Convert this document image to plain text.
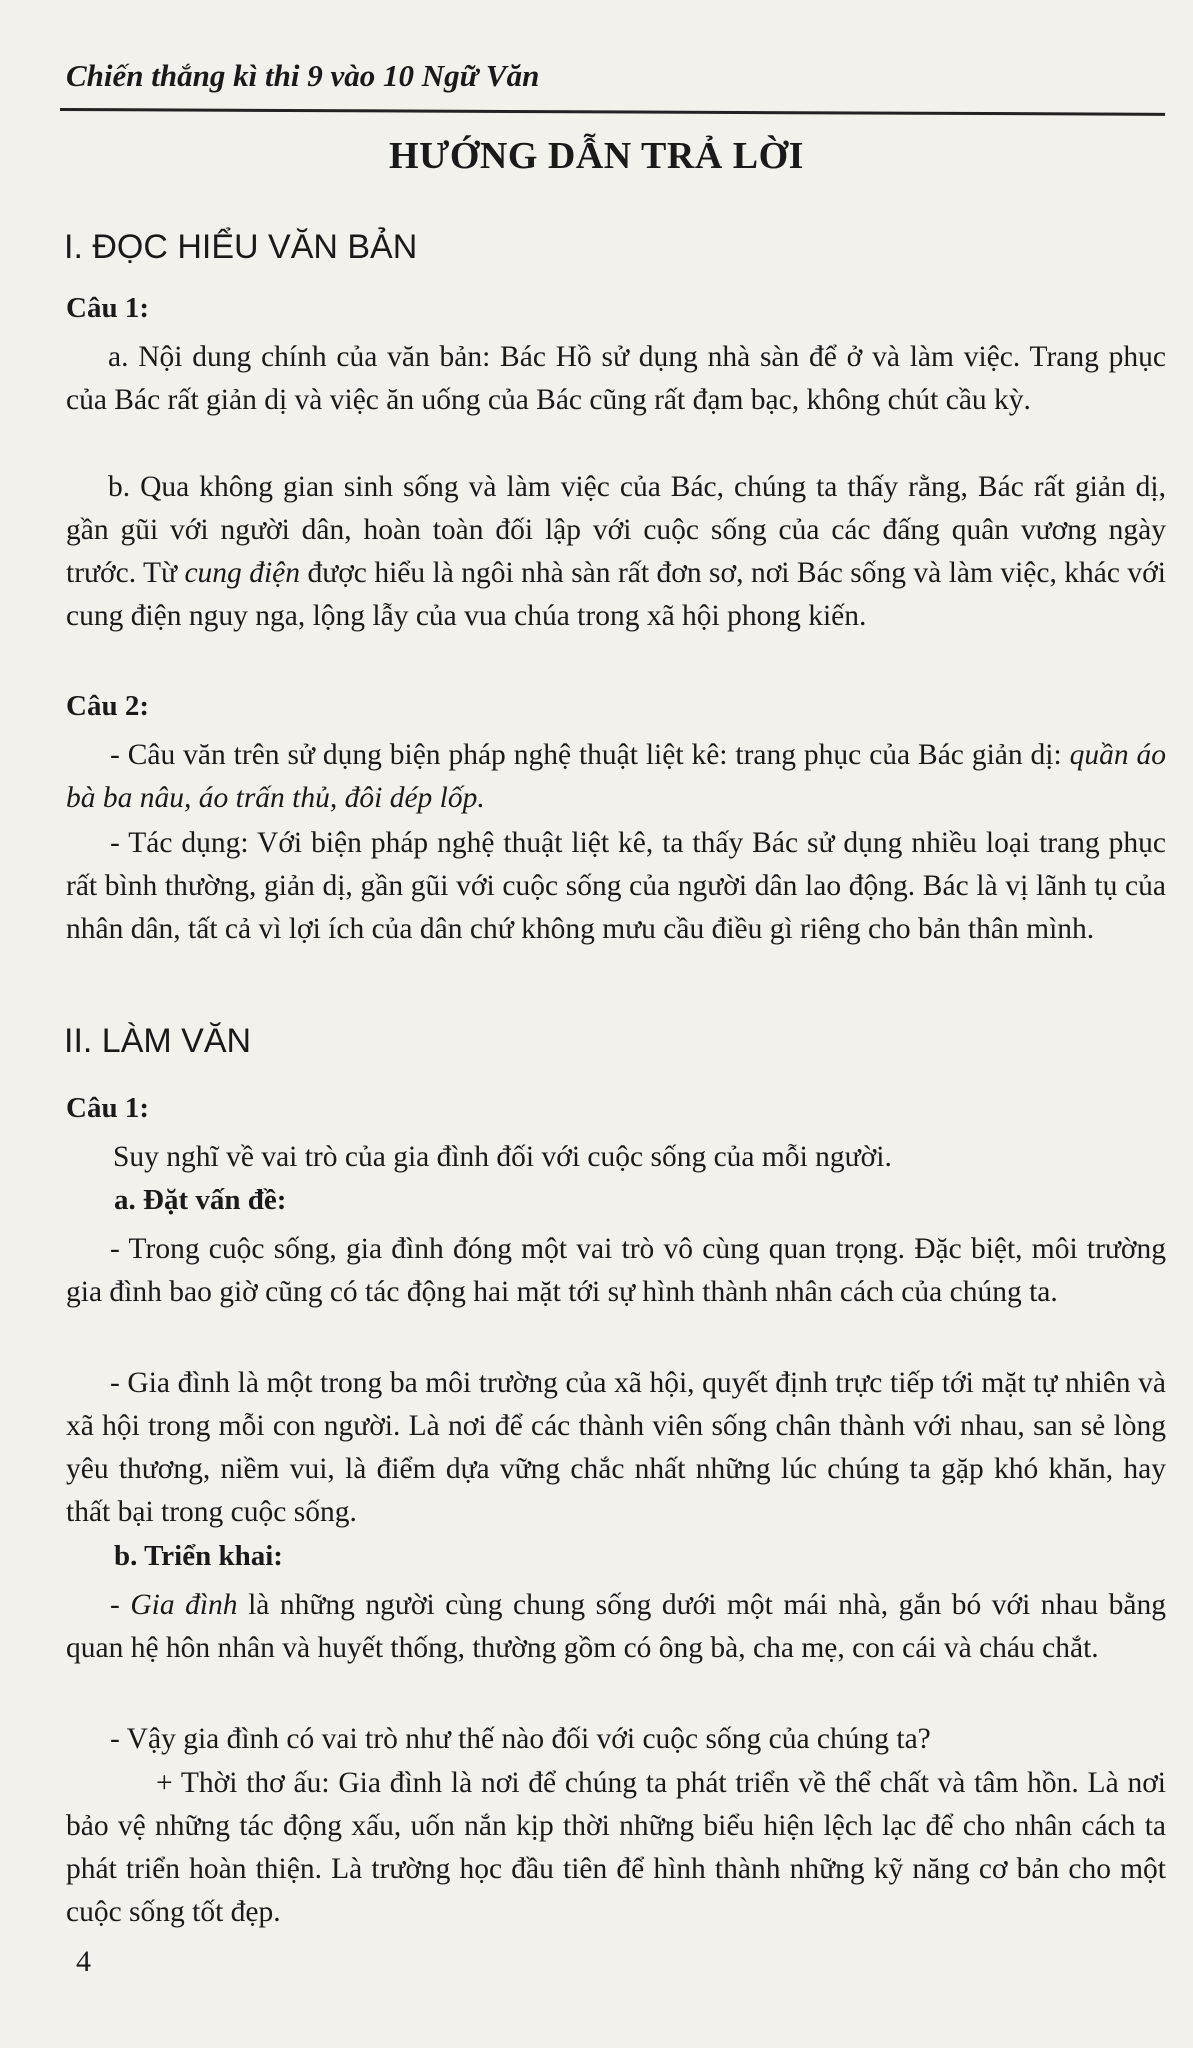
Chiến thắng kì thi 9 vào 10 Ngữ Văn
HƯỚNG DẪN TRẢ LỜI
I. ĐỌC HIỂU VĂN BẢN
Câu 1:
a. Nội dung chính của văn bản: Bác Hồ sử dụng nhà sàn để ở và làm việc. Trang phục của Bác rất giản dị và việc ăn uống của Bác cũng rất đạm bạc, không chút cầu kỳ.
b. Qua không gian sinh sống và làm việc của Bác, chúng ta thấy rằng, Bác rất giản dị, gần gũi với người dân, hoàn toàn đối lập với cuộc sống của các đấng quân vương ngày trước. Từ cung điện được hiểu là ngôi nhà sàn rất đơn sơ, nơi Bác sống và làm việc, khác với cung điện nguy nga, lộng lẫy của vua chúa trong xã hội phong kiến.
Câu 2:
- Câu văn trên sử dụng biện pháp nghệ thuật liệt kê: trang phục của Bác giản dị: quần áo bà ba nâu, áo trấn thủ, đôi dép lốp.
- Tác dụng: Với biện pháp nghệ thuật liệt kê, ta thấy Bác sử dụng nhiều loại trang phục rất bình thường, giản dị, gần gũi với cuộc sống của người dân lao động. Bác là vị lãnh tụ của nhân dân, tất cả vì lợi ích của dân chứ không mưu cầu điều gì riêng cho bản thân mình.
II. LÀM VĂN
Câu 1:
Suy nghĩ về vai trò của gia đình đối với cuộc sống của mỗi người.
a. Đặt vấn đề:
- Trong cuộc sống, gia đình đóng một vai trò vô cùng quan trọng. Đặc biệt, môi trường gia đình bao giờ cũng có tác động hai mặt tới sự hình thành nhân cách của chúng ta.
- Gia đình là một trong ba môi trường của xã hội, quyết định trực tiếp tới mặt tự nhiên và xã hội trong mỗi con người. Là nơi để các thành viên sống chân thành với nhau, san sẻ lòng yêu thương, niềm vui, là điểm dựa vững chắc nhất những lúc chúng ta gặp khó khăn, hay thất bại trong cuộc sống.
b. Triển khai:
- Gia đình là những người cùng chung sống dưới một mái nhà, gắn bó với nhau bằng quan hệ hôn nhân và huyết thống, thường gồm có ông bà, cha mẹ, con cái và cháu chắt.
- Vậy gia đình có vai trò như thế nào đối với cuộc sống của chúng ta?
+ Thời thơ ấu: Gia đình là nơi để chúng ta phát triển về thể chất và tâm hồn. Là nơi bảo vệ những tác động xấu, uốn nắn kịp thời những biểu hiện lệch lạc để cho nhân cách ta phát triển hoàn thiện. Là trường học đầu tiên để hình thành những kỹ năng cơ bản cho một cuộc sống tốt đẹp.
4
